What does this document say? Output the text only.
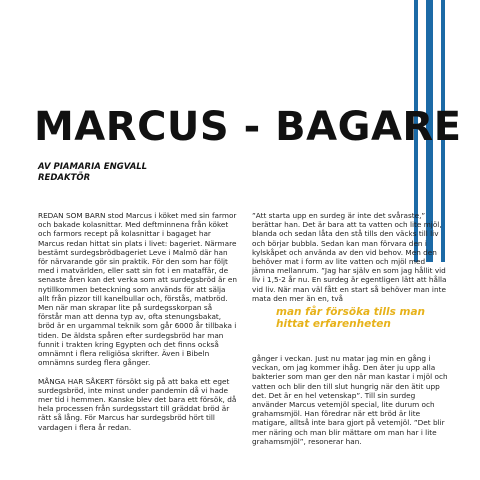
MARCUS - BAGARE
AV PIAMARIA ENGVALL
REDAKTÖR

REDAN SOM BARN stod Marcus i köket med sin farmor och bakade kolasnittar. Med deftminnena från köket och farmors recept på kolasnittar i bagaget har Marcus redan hittat sin plats i livet: bageriet. Närmare bestämt surdegsbrödbageriet Leve i Malmö där han för närvarande gör sin praktik. För den som har följt med i matvärlden, eller satt sin fot i en mataffär, de senaste åren kan det verka som att surdegsbröd är en nytillkommen beteckning som används för att sälja allt från pizzor till kanelbullar och, förstås, matbröd. Men när man skrapar lite på surdegsskorpan så förstår man att denna typ av, ofta stenungsbakat, bröd är en urgammal teknik som går 6000 år tillbaka i tiden. De äldsta spåren efter surdegsbröd har man funnit i trakten kring Egypten och det finns också omnämnt i flera religiösa skrifter. Även i Bibeln omnämns surdeg flera gånger.

MÅNGA HAR SÅKERT försökt sig på att baka ett eget surdegsbröd, inte minst under pandemin då vi hade mer tid i hemmen. Kanske blev det bara ett försök, då hela processen från surdegsstart till gräddat bröd är rätt så lång. För Marcus har surdegsbröd hört till vardagen i flera år redan.

”Att starta upp en surdeg är inte det svåraste,” berättar han. Det är bara att ta vatten och lite mjöl, blanda och sedan låta den stå tills den väcks till liv och börjar bubbla. Sedan kan man förvara den i kylskåpet och använda av den vid behov. Men den behöver mat i form av lite vatten och mjöl med jämna mellanrum. ”Jag har själv en som jag hållit vid liv i 1,5-2 år nu. En surdeg är egentligen lätt att hålla vid liv. När man väl fått en start så behöver man inte mata den mer än en, två

man får försöka tills man hittat erfarenheten

gånger i veckan. Just nu matar jag min en gång i veckan, om jag kommer ihåg. Den äter ju upp alla bakterier som man ger den när man kastar i mjöl och vatten och blir den till slut hungrig när den ätit upp det. Det är en hel vetenskap”. Till sin surdeg använder Marcus vetemjöl special, lite durum och grahamsmjöl. Han föredrar när ett bröd är lite matigare, alltså inte bara gjort på vetemjöl. ”Det blir mer näring och man blir mättare om man har i lite grahamsmjöl”, resonerar han.
